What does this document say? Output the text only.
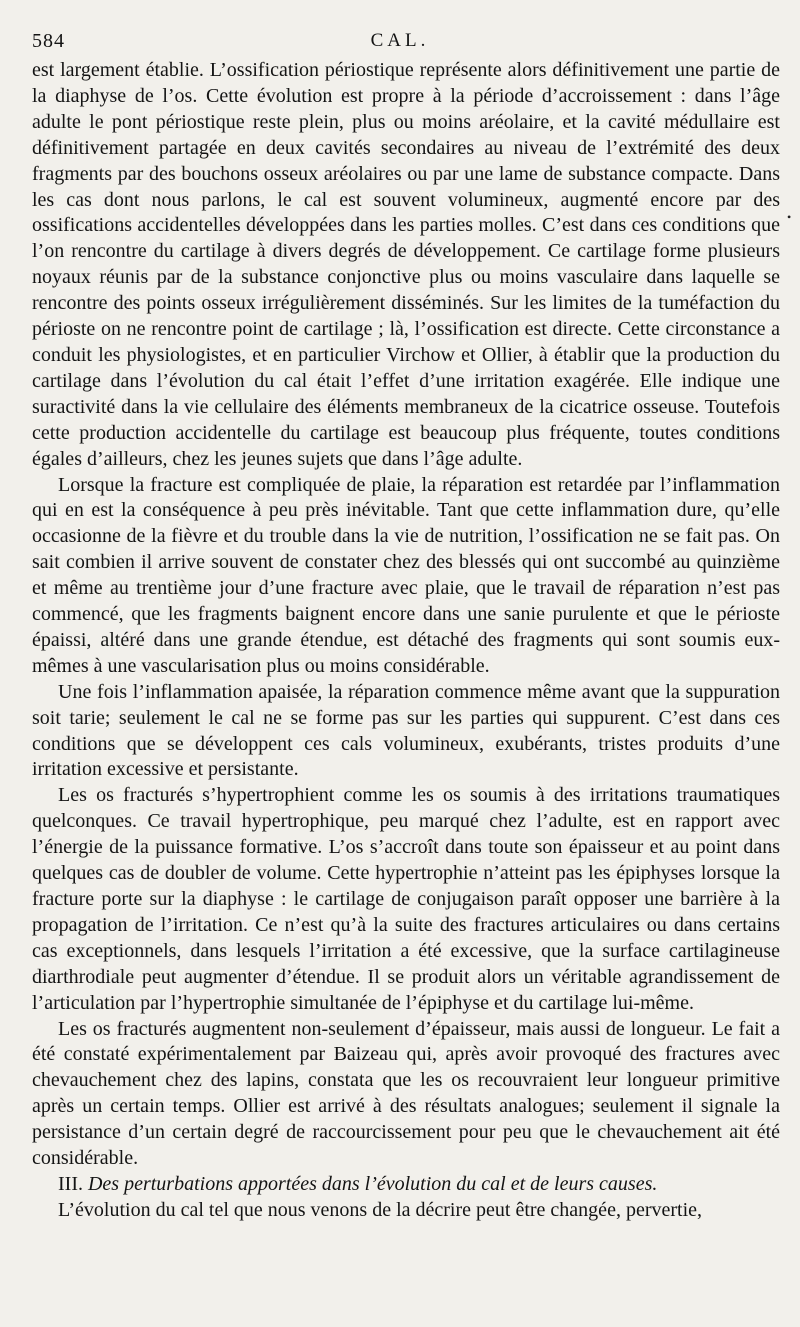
584	CAL.

est largement établie. L’ossification périostique représente alors définitivement une partie de la diaphyse de l’os. Cette évolution est propre à la période d’accroissement : dans l’âge adulte le pont périostique reste plein, plus ou moins aréolaire, et la cavité médullaire est définitivement partagée en deux cavités secondaires au niveau de l’extrémité des deux fragments par des bouchons osseux aréolaires ou par une lame de substance compacte. Dans les cas dont nous parlons, le cal est souvent volumineux, augmenté encore par des ossifications accidentelles développées dans les parties molles. C’est dans ces conditions que l’on rencontre du cartilage à divers degrés de développement. Ce cartilage forme plusieurs noyaux réunis par de la substance conjonctive plus ou moins vasculaire dans laquelle se rencontre des points osseux irrégulièrement disséminés. Sur les limites de la tuméfaction du périoste on ne rencontre point de cartilage ; là, l’ossification est directe. Cette circonstance a conduit les physiologistes, et en particulier Virchow et Ollier, à établir que la production du cartilage dans l’évolution du cal était l’effet d’une irritation exagérée. Elle indique une suractivité dans la vie cellulaire des éléments membraneux de la cicatrice osseuse. Toutefois cette production accidentelle du cartilage est beaucoup plus fréquente, toutes conditions égales d’ailleurs, chez les jeunes sujets que dans l’âge adulte.

Lorsque la fracture est compliquée de plaie, la réparation est retardée par l’inflammation qui en est la conséquence à peu près inévitable. Tant que cette inflammation dure, qu’elle occasionne de la fièvre et du trouble dans la vie de nutrition, l’ossification ne se fait pas. On sait combien il arrive souvent de constater chez des blessés qui ont succombé au quinzième et même au trentième jour d’une fracture avec plaie, que le travail de réparation n’est pas commencé, que les fragments baignent encore dans une sanie purulente et que le périoste épaissi, altéré dans une grande étendue, est détaché des fragments qui sont soumis eux-mêmes à une vascularisation plus ou moins considérable.

Une fois l’inflammation apaisée, la réparation commence même avant que la suppuration soit tarie; seulement le cal ne se forme pas sur les parties qui suppurent. C’est dans ces conditions que se développent ces cals volumineux, exubérants, tristes produits d’une irritation excessive et persistante.

Les os fracturés s’hypertrophient comme les os soumis à des irritations traumatiques quelconques. Ce travail hypertrophique, peu marqué chez l’adulte, est en rapport avec l’énergie de la puissance formative. L’os s’accroît dans toute son épaisseur et au point dans quelques cas de doubler de volume. Cette hypertrophie n’atteint pas les épiphyses lorsque la fracture porte sur la diaphyse : le cartilage de conjugaison paraît opposer une barrière à la propagation de l’irritation. Ce n’est qu’à la suite des fractures articulaires ou dans certains cas exceptionnels, dans lesquels l’irritation a été excessive, que la surface cartilagineuse diarthrodiale peut augmenter d’étendue. Il se produit alors un véritable agrandissement de l’articulation par l’hypertrophie simultanée de l’épiphyse et du cartilage lui-même.

Les os fracturés augmentent non-seulement d’épaisseur, mais aussi de longueur. Le fait a été constaté expérimentalement par Baizeau qui, après avoir provoqué des fractures avec chevauchement chez des lapins, constata que les os recouvraient leur longueur primitive après un certain temps. Ollier est arrivé à des résultats analogues; seulement il signale la persistance d’un certain degré de raccourcissement pour peu que le chevauchement ait été considérable.

III. Des perturbations apportées dans l’évolution du cal et de leurs causes.

L’évolution du cal tel que nous venons de la décrire peut être changée, pervertie,

•
